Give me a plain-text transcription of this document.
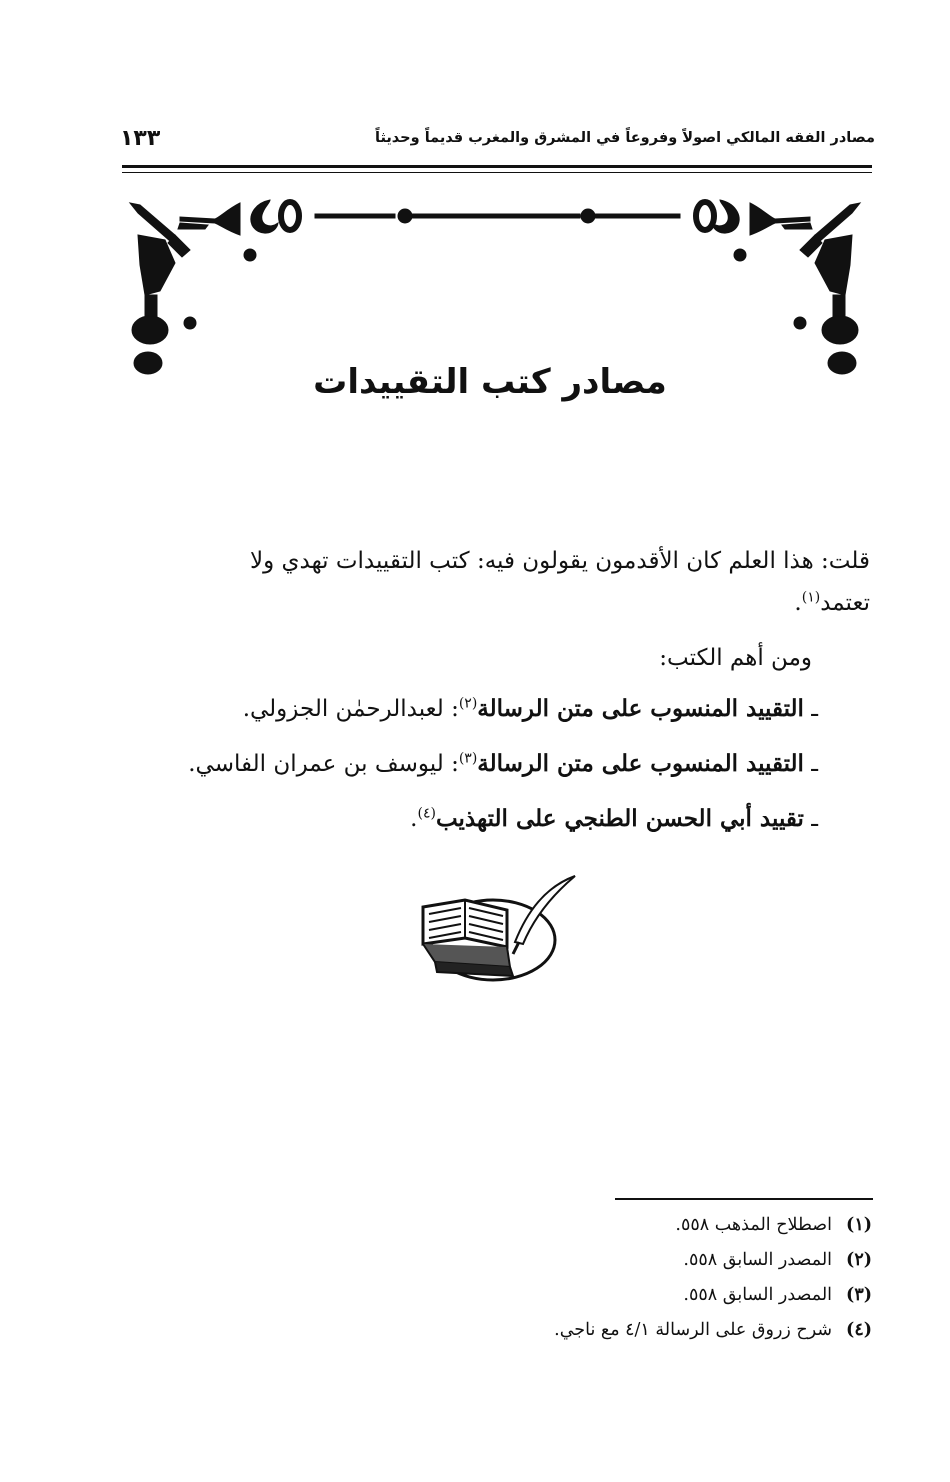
مصادر الفقه المالكي اصولاً وفروعاً في المشرق والمغرب قديماً وحديثاً
١٣٣
مصادر كتب التقييدات
قلت: هذا العلم كان الأقدمون يقولون فيه: كتب التقييدات تهدي ولا
تعتمد$^{(١)}$.
ومن أهم الكتب:
ـ التقييد المنسوب على متن الرسالة$^{(٢)}$: لعبدالرحمٰن الجزولي.
ـ التقييد المنسوب على متن الرسالة$^{(٣)}$: ليوسف بن عمران الفاسي.
ـ تقييد أبي الحسن الطنجي على التهذيب$^{(٤)}$.
(١)اصطلاح المذهب ٥٥٨.
(٢)المصدر السابق ٥٥٨.
(٣)المصدر السابق ٥٥٨.
(٤)شرح زروق على الرسالة ٤/١ مع ناجي.
